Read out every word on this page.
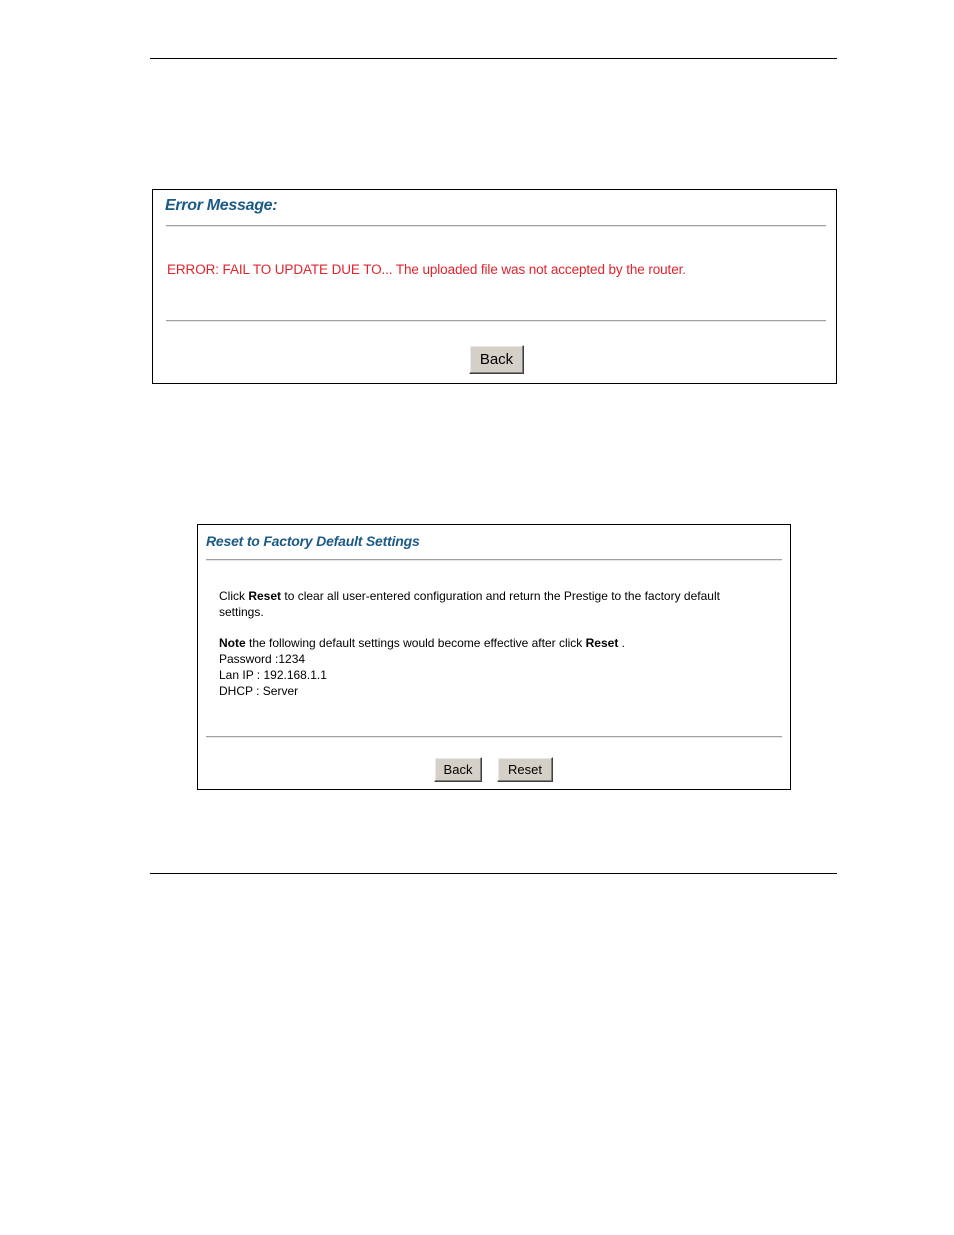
Error Message:
ERROR: FAIL TO UPDATE DUE TO... The uploaded file was not accepted by the router.
Back
Reset to Factory Default Settings
Click Reset to clear all user-entered configuration and return the Prestige to the factory default
settings.
Note the following default settings would become effective after click Reset .
Password :1234
Lan IP : 192.168.1.1
DHCP : Server
Back	Reset
